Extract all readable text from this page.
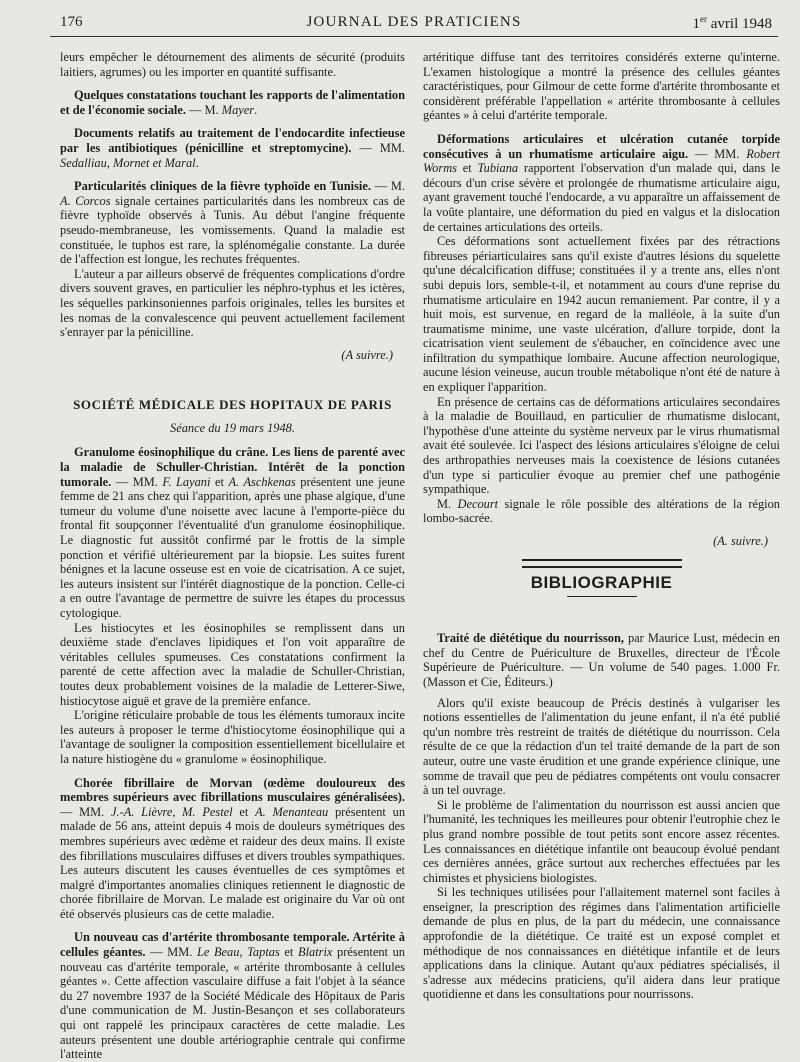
176	JOURNAL DES PRATICIENS	1er avril 1948

leurs empêcher le détournement des aliments de sécurité (produits laitiers, agrumes) ou les importer en quantité suffisante.

Quelques constatations touchant les rapports de l'alimentation et de l'économie sociale. — M. Mayer.

Documents relatifs au traitement de l'endocardite infectieuse par les antibiotiques (pénicilline et streptomycine). — MM. Sedalliau, Mornet et Maral.

Particularités cliniques de la fièvre typhoïde en Tunisie. — M. A. Corcos signale certaines particularités dans les nombreux cas de fièvre typhoïde observés à Tunis. Au début l'angine fréquente pseudo-membraneuse, les vomissements. Quand la maladie est constituée, le tuphos est rare, la splénomégalie constante. La durée de l'affection est longue, les rechutes fréquentes.

L'auteur a par ailleurs observé de fréquentes complications d'ordre divers souvent graves, en particulier les néphro-typhus et les ictères, les séquelles parkinsoniennes parfois originales, telles les bursites et les nomas de la convalescence qui peuvent actuellement facilement s'enrayer par la pénicilline.

(A suivre.)

SOCIÉTÉ MÉDICALE DES HOPITAUX DE PARIS

Séance du 19 mars 1948.

Granulome éosinophilique du crâne. Les liens de parenté avec la maladie de Schuller-Christian. Intérêt de la ponction tumorale. — MM. F. Layani et A. Aschkenas présentent une jeune femme de 21 ans chez qui l'apparition, après une phase algique, d'une tumeur du volume d'une noisette avec lacune à l'emporte-pièce du frontal fit soupçonner l'éventualité d'un granulome éosinophilique. Le diagnostic fut aussitôt confirmé par le frottis de la simple ponction et vérifié ultérieurement par la biopsie. Les suites furent bénignes et la lacune osseuse est en voie de cicatrisation. A ce sujet, les auteurs insistent sur l'intérêt diagnostique de la ponction. Celle-ci a en outre l'avantage de permettre de suivre les étapes du processus cytologique.

Les histiocytes et les éosinophiles se remplissent dans un deuxième stade d'enclaves lipidiques et l'on voit apparaître de véritables cellules spumeuses. Ces constatations confirment la parenté de cette affection avec la maladie de Schuller-Christian, toutes deux probablement voisines de la maladie de Letterer-Siwe, histiocytose aiguë et grave de la première enfance.

L'origine réticulaire probable de tous les éléments tumoraux incite les auteurs à proposer le terme d'histiocytome éosinophilique qui a l'avantage de souligner la composition essentiellement bicellulaire et la nature histiogène du « granulome » éosinophilique.

Chorée fibrillaire de Morvan (œdème douloureux des membres supérieurs avec fibrillations musculaires généralisées). — MM. J.-A. Lièvre, M. Pestel et A. Menanteau présentent un malade de 56 ans, atteint depuis 4 mois de douleurs symétriques des membres supérieurs avec œdème et raideur des deux mains. Il existe des fibrillations musculaires diffuses et divers troubles sympathiques. Les auteurs discutent les causes éventuelles de ces symptômes et malgré d'importantes anomalies cliniques retiennent le diagnostic de chorée fibrillaire de Morvan. Le malade est originaire du Var où ont été observés plusieurs cas de cette maladie.

Un nouveau cas d'artérite thrombosante temporale. Artérite à cellules géantes. — MM. Le Beau, Taptas et Blatrix présentent un nouveau cas d'artérite temporale, « artérite thrombosante à cellules géantes ». Cette affection vasculaire diffuse a fait l'objet à la séance du 27 novembre 1937 de la Société Médicale des Hôpitaux de Paris d'une communication de M. Justin-Besançon et ses collaborateurs qui ont rappelé les principaux caractères de cette maladie. Les auteurs présentent une double artériographie centrale qui confirme l'atteinte

artéritique diffuse tant des territoires considérés externe qu'interne. L'examen histologique a montré la présence des cellules géantes caractéristiques, pour Gilmour de cette forme d'artérite thrombosante et considèrent préférable l'appellation « artérite thrombosante à cellules géantes » à celui d'artérite temporale.

Déformations articulaires et ulcération cutanée torpide consécutives à un rhumatisme articulaire aigu. — MM. Robert Worms et Tubiana rapportent l'observation d'un malade qui, dans le décours d'un crise sévère et prolongée de rhumatisme articulaire aigu, ayant gravement touché l'endocarde, a vu apparaître un affaissement de la voûte plantaire, une déformation du pied en valgus et la dislocation de certaines articulations des orteils.

Ces déformations sont actuellement fixées par des rétractions fibreuses périarticulaires sans qu'il existe d'autres lésions du squelette qu'une décalcification diffuse; constituées il y a trente ans, elles n'ont subi depuis lors, semble-t-il, et notamment au cours d'une reprise du rhumatisme articulaire en 1942 aucun remaniement. Par contre, il y a huit mois, est survenue, en regard de la malléole, à la suite d'un traumatisme minime, une vaste ulcération, d'allure torpide, dont la cicatrisation vient seulement de s'ébaucher, en coïncidence avec une infiltration du sympathique lombaire. Aucune affection neurologique, aucune lésion veineuse, aucun trouble métabolique n'ont été de nature à en expliquer l'apparition.

En présence de certains cas de déformations articulaires secondaires à la maladie de Bouillaud, en particulier de rhumatisme dislocant, l'hypothèse d'une atteinte du système nerveux par le virus rhumatismal avait été soulevée. Ici l'aspect des lésions articulaires s'éloigne de celui des arthropathies nerveuses mais la coexistence de lésions cutanées d'un type si particulier évoque au premier chef une pathogénie sympathique.

M. Decourt signale le rôle possible des altérations de la région lombo-sacrée.

(A. suivre.)

BIBLIOGRAPHIE

Traité de diététique du nourrisson, par Maurice Lust, médecin en chef du Centre de Puériculture de Bruxelles, directeur de l'École Supérieure de Puériculture. — Un volume de 540 pages. 1.000 Fr. (Masson et Cie, Éditeurs.)

Alors qu'il existe beaucoup de Précis destinés à vulgariser les notions essentielles de l'alimentation du jeune enfant, il n'a été publié qu'un nombre très restreint de traités de diététique du nourrisson. Cela résulte de ce que la rédaction d'un tel traité demande de la part de son auteur, outre une vaste érudition et une grande expérience clinique, une somme de travail que peu de pédiatres compétents ont voulu consacrer à un tel ouvrage.

Si le problème de l'alimentation du nourrisson est aussi ancien que l'humanité, les techniques les meilleures pour obtenir l'eutrophie chez le plus grand nombre possible de tout petits sont encore assez récentes. Les connaissances en diététique infantile ont beaucoup évolué pendant ces dernières années, grâce surtout aux recherches effectuées par les chimistes et physiciens biologistes.

Si les techniques utilisées pour l'allaitement maternel sont faciles à enseigner, la prescription des régimes dans l'alimentation artificielle demande de plus en plus, de la part du médecin, une connaissance approfondie de la diététique. Ce traité est un exposé complet et méthodique de nos connaissances en diététique infantile et de leurs applications dans la clinique. Autant qu'aux pédiatres spécialisés, il s'adresse aux médecins praticiens, qu'il aidera dans leur pratique quotidienne et dans les consultations pour nourrissons.
